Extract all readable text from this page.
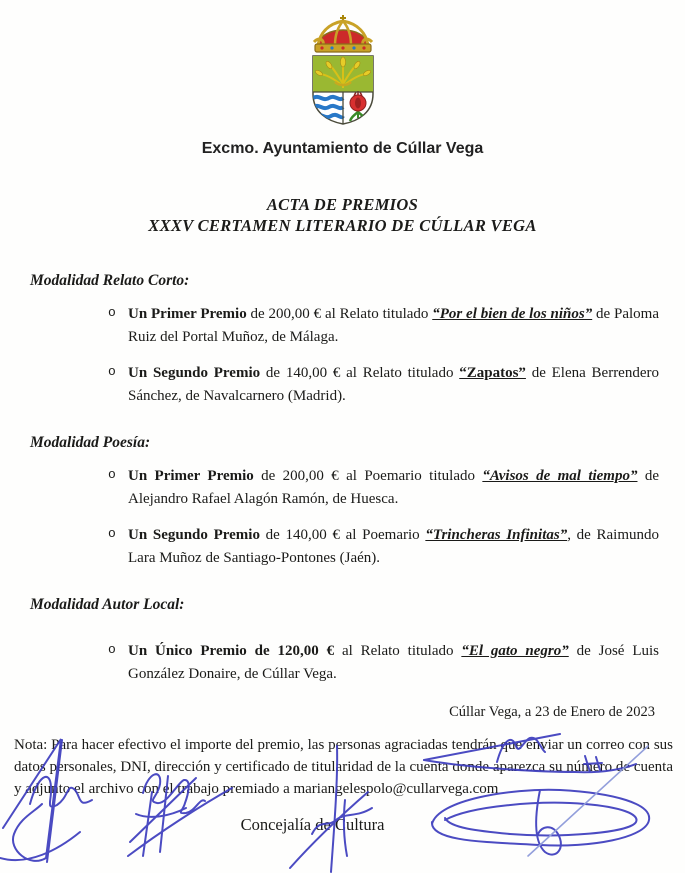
Excmo. Ayuntamiento de Cúllar Vega
ACTA DE PREMIOS
XXXV CERTAMEN LITERARIO DE CÚLLAR VEGA
Modalidad Relato Corto:
o Un Primer Premio de 200,00 € al Relato titulado “Por el bien de los niños” de Paloma Ruiz del Portal Muñoz, de Málaga.
o Un Segundo Premio de 140,00 € al Relato titulado “Zapatos” de Elena Berrendero Sánchez, de Navalcarnero (Madrid).
Modalidad Poesía:
o Un Primer Premio de 200,00 € al Poemario titulado “Avisos de mal tiempo” de Alejandro Rafael Alagón Ramón, de Huesca.
o Un Segundo Premio de 140,00 € al Poemario “Trincheras Infinitas”, de Raimundo Lara Muñoz de Santiago-Pontones (Jaén).
Modalidad Autor Local:
o Un Único Premio de 120,00 € al Relato titulado “El gato negro” de José Luis González Donaire, de Cúllar Vega.
Cúllar Vega, a 23 de Enero de 2023
Nota: Para hacer efectivo el importe del premio, las personas agraciadas tendrán que enviar un correo con sus datos personales, DNI, dirección y certificado de titularidad de la cuenta donde aparezca su número de cuenta y adjunto el archivo con el trabajo premiado a mariangelespolo@cullarvega.com
Concejalía de Cultura
